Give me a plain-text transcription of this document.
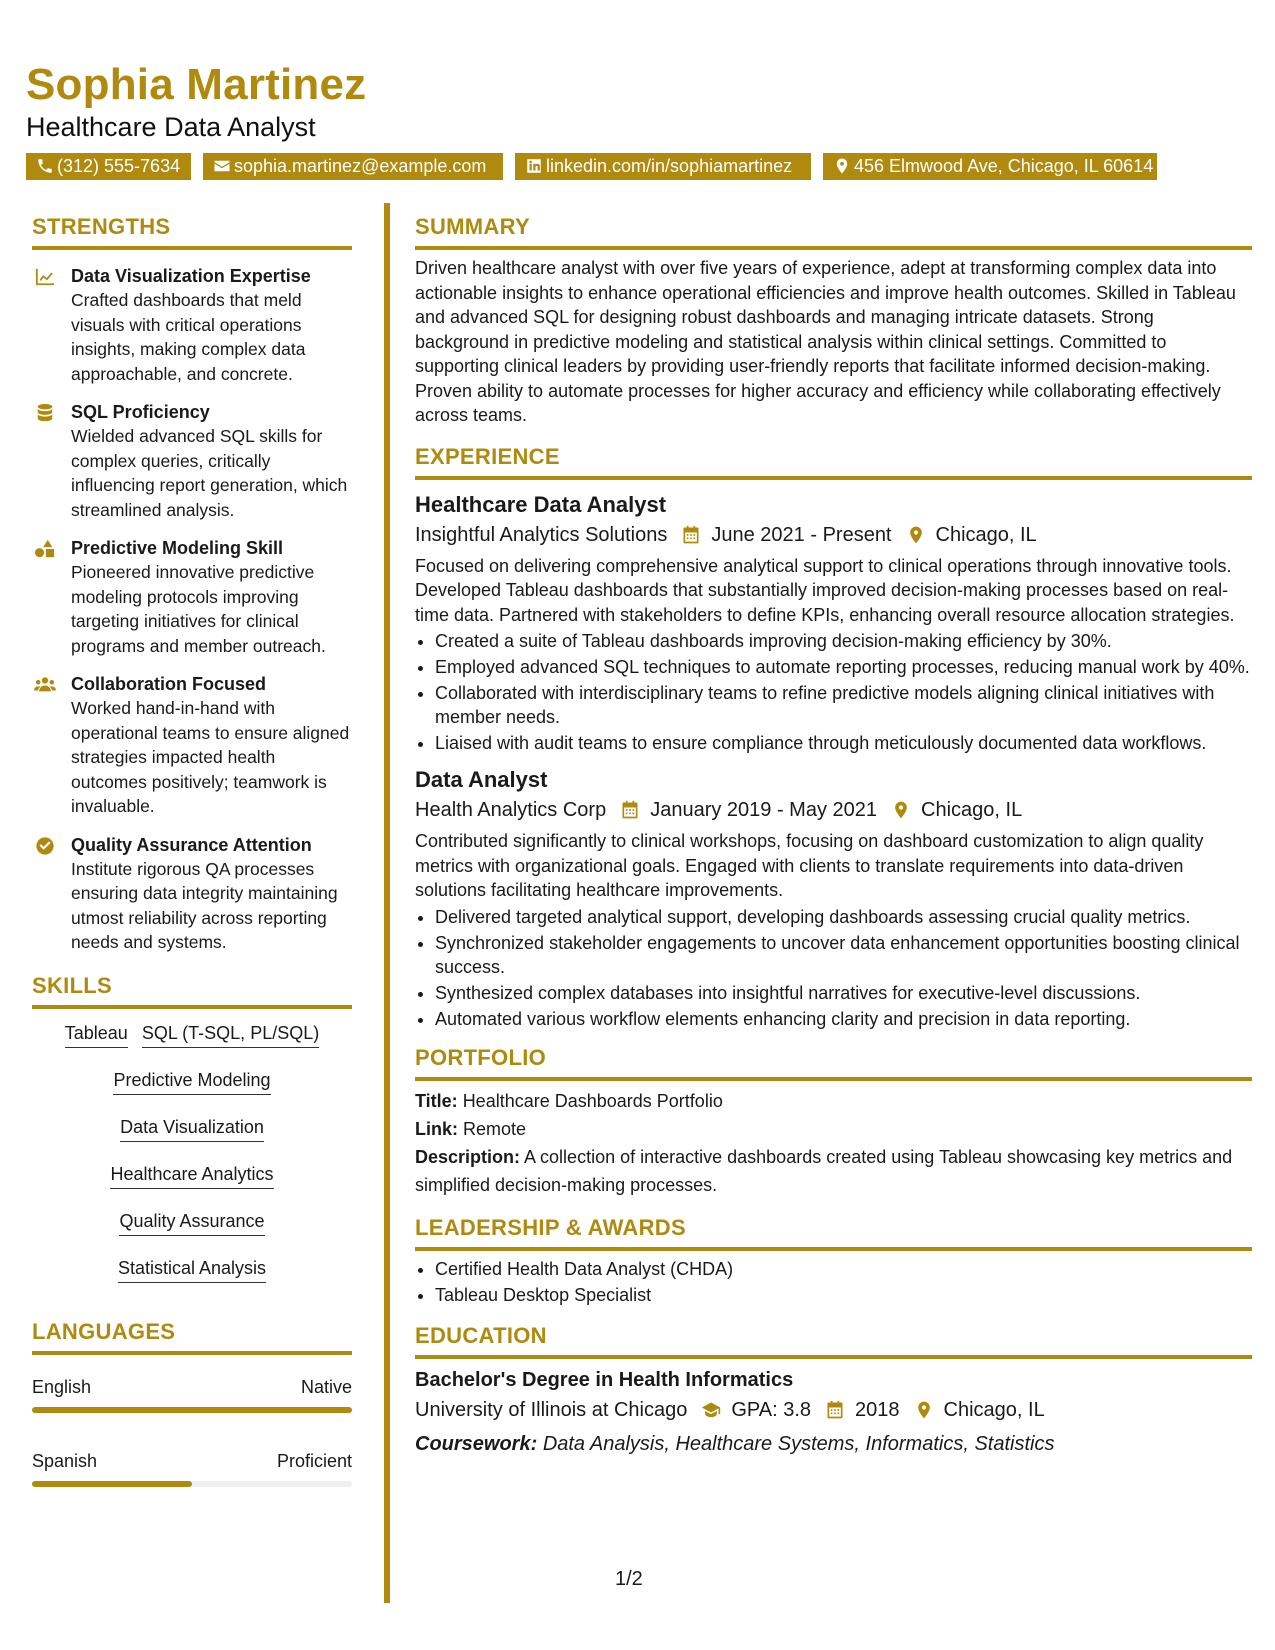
Sophia Martinez
Healthcare Data Analyst
(312) 555-7634	sophia.martinez@example.com	linkedin.com/in/sophiamartinez	456 Elmwood Ave, Chicago, IL 60614
STRENGTHS
Data Visualization Expertise
Crafted dashboards that meld visuals with critical operations insights, making complex data approachable, and concrete.
SQL Proficiency
Wielded advanced SQL skills for complex queries, critically influencing report generation, which streamlined analysis.
Predictive Modeling Skill
Pioneered innovative predictive modeling protocols improving targeting initiatives for clinical programs and member outreach.
Collaboration Focused
Worked hand-in-hand with operational teams to ensure aligned strategies impacted health outcomes positively; teamwork is invaluable.
Quality Assurance Attention
Institute rigorous QA processes ensuring data integrity maintaining utmost reliability across reporting needs and systems.
SKILLS
Tableau SQL (T-SQL, PL/SQL)
Predictive Modeling
Data Visualization
Healthcare Analytics
Quality Assurance
Statistical Analysis
LANGUAGES
English	Native
Spanish	Proficient
SUMMARY
Driven healthcare analyst with over five years of experience, adept at transforming complex data into actionable insights to enhance operational efficiencies and improve health outcomes. Skilled in Tableau and advanced SQL for designing robust dashboards and managing intricate datasets. Strong background in predictive modeling and statistical analysis within clinical settings. Committed to supporting clinical leaders by providing user-friendly reports that facilitate informed decision-making. Proven ability to automate processes for higher accuracy and efficiency while collaborating effectively across teams.
EXPERIENCE
Healthcare Data Analyst
Insightful Analytics Solutions June 2021 - Present Chicago, IL
Focused on delivering comprehensive analytical support to clinical operations through innovative tools. Developed Tableau dashboards that substantially improved decision-making processes based on real-time data. Partnered with stakeholders to define KPIs, enhancing overall resource allocation strategies.
• Created a suite of Tableau dashboards improving decision-making efficiency by 30%.
• Employed advanced SQL techniques to automate reporting processes, reducing manual work by 40%.
• Collaborated with interdisciplinary teams to refine predictive models aligning clinical initiatives with member needs.
• Liaised with audit teams to ensure compliance through meticulously documented data workflows.
Data Analyst
Health Analytics Corp January 2019 - May 2021 Chicago, IL
Contributed significantly to clinical workshops, focusing on dashboard customization to align quality metrics with organizational goals. Engaged with clients to translate requirements into data-driven solutions facilitating healthcare improvements.
• Delivered targeted analytical support, developing dashboards assessing crucial quality metrics.
• Synchronized stakeholder engagements to uncover data enhancement opportunities boosting clinical success.
• Synthesized complex databases into insightful narratives for executive-level discussions.
• Automated various workflow elements enhancing clarity and precision in data reporting.
PORTFOLIO
Title: Healthcare Dashboards Portfolio
Link: Remote
Description: A collection of interactive dashboards created using Tableau showcasing key metrics and simplified decision-making processes.
LEADERSHIP & AWARDS
• Certified Health Data Analyst (CHDA)
• Tableau Desktop Specialist
EDUCATION
Bachelor's Degree in Health Informatics
University of Illinois at Chicago GPA: 3.8 2018 Chicago, IL
Coursework: Data Analysis, Healthcare Systems, Informatics, Statistics
1/2
